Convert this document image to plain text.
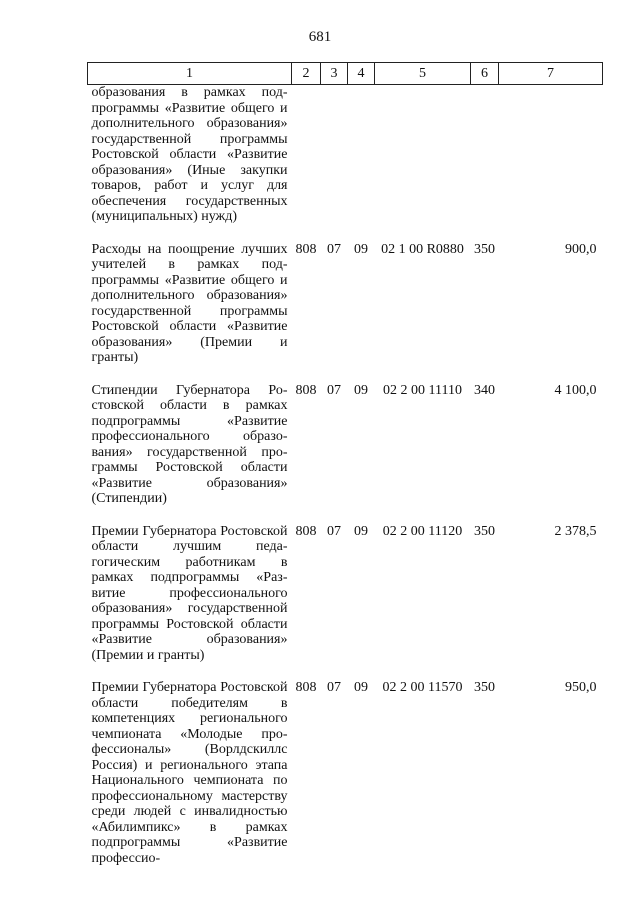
681
1	2	3	4	5	6	7
образования в рамках подпрограммы «Развитие общего и дополнительного образования» государственной программы Ростовской области «Развитие образования» (Иные закупки товаров, работ и услуг для обеспечения государственных (муниципальных) нужд)						
Расходы на поощрение лучших учителей в рамках подпрограммы «Развитие общего и дополнительного образования» государственной программы Ростовской области «Развитие образования» (Премии и гранты)	808	07	09	02 1 00 R0880	350	900,0
Стипендии Губернатора Ростовской области в рамках подпрограммы «Развитие профессионального образования» государственной программы Ростовской области «Развитие образования» (Стипендии)	808	07	09	02 2 00 11110	340	4 100,0
Премии Губернатора Ростовской области лучшим педагогическим работникам в рамках подпрограммы «Развитие профессионального образования» государственной программы Ростовской области «Развитие образования» (Премии и гранты)	808	07	09	02 2 00 11120	350	2 378,5
Премии Губернатора Ростовской области победителям в компетенциях регионального чемпионата «Молодые профессионалы» (Ворлдскиллс Россия) и регионального этапа Национального чемпионата по профессиональному мастерству среди людей с инвалидностью «Абилимпикс» в рамках подпрограммы «Развитие профессио-	808	07	09	02 2 00 11570	350	950,0
